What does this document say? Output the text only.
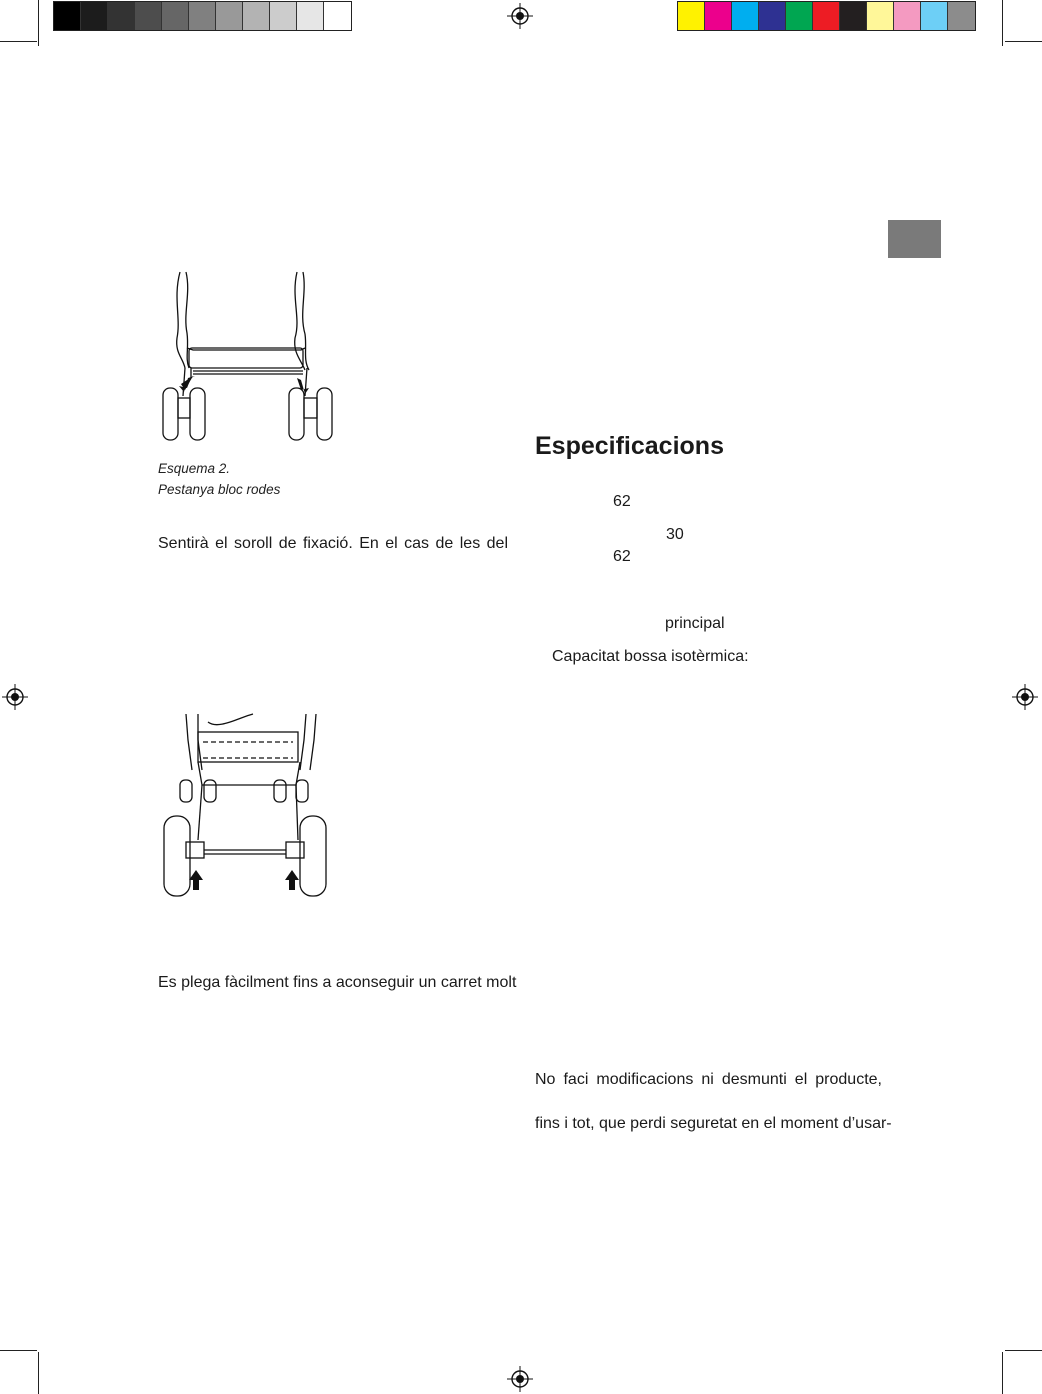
Esquema 2.
Pestanya bloc rodes
Sentirà el soroll de fixació. En el cas de les del
Es plega fàcilment fins a aconseguir un carret molt
Especificacions
62
30
62
principal
Capacitat bossa isotèrmica:
No faci modificacions ni desmunti el producte,
fins i tot, que perdi seguretat en el moment d’usar-
